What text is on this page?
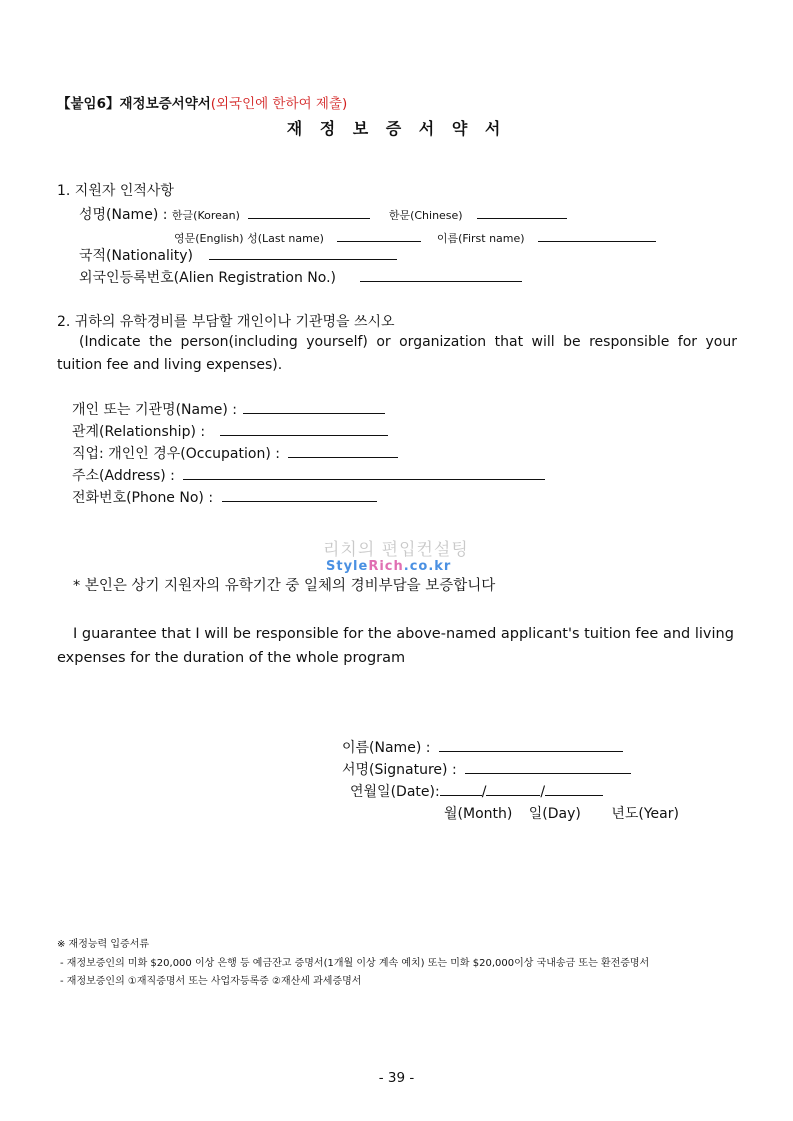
【붙임6】재정보증서약서(외국인에 한하여 제출)
재 정 보 증 서 약 서
1. 지원자 인적사항
성명(Name) : 한글(Korean)	한문(Chinese)
영문(English) 성(Last name)	이름(First name)
국적(Nationality)
외국인등록번호(Alien Registration No.)
2. 귀하의 유학경비를 부담할 개인이나 기관명을 쓰시오
(Indicate the person(including yourself) or organization that will be responsible for your tuition fee and living expenses).
개인 또는 기관명(Name) :
관계(Relationship) :
직업: 개인인 경우(Occupation) :
주소(Address) :
전화번호(Phone No) :
리치의 편입컨설팅
StyleRich.co.kr
* 본인은 상기 지원자의 유학기간 중 일체의 경비부담을 보증합니다
I guarantee that I will be responsible for the above-named applicant's tuition fee and living expenses for the duration of the whole program
이름(Name) :
서명(Signature) :
연월일(Date):	/	/
월(Month) 일(Day) 년도(Year)
※ 재정능력 입증서류
- 재정보증인의 미화 $20,000 이상 은행 등 예금잔고 증명서(1개월 이상 계속 예치) 또는 미화 $20,000이상 국내송금 또는 환전증명서
- 재정보증인의 ①재직증명서 또는 사업자등록증 ②재산세 과세증명서
- 39 -
